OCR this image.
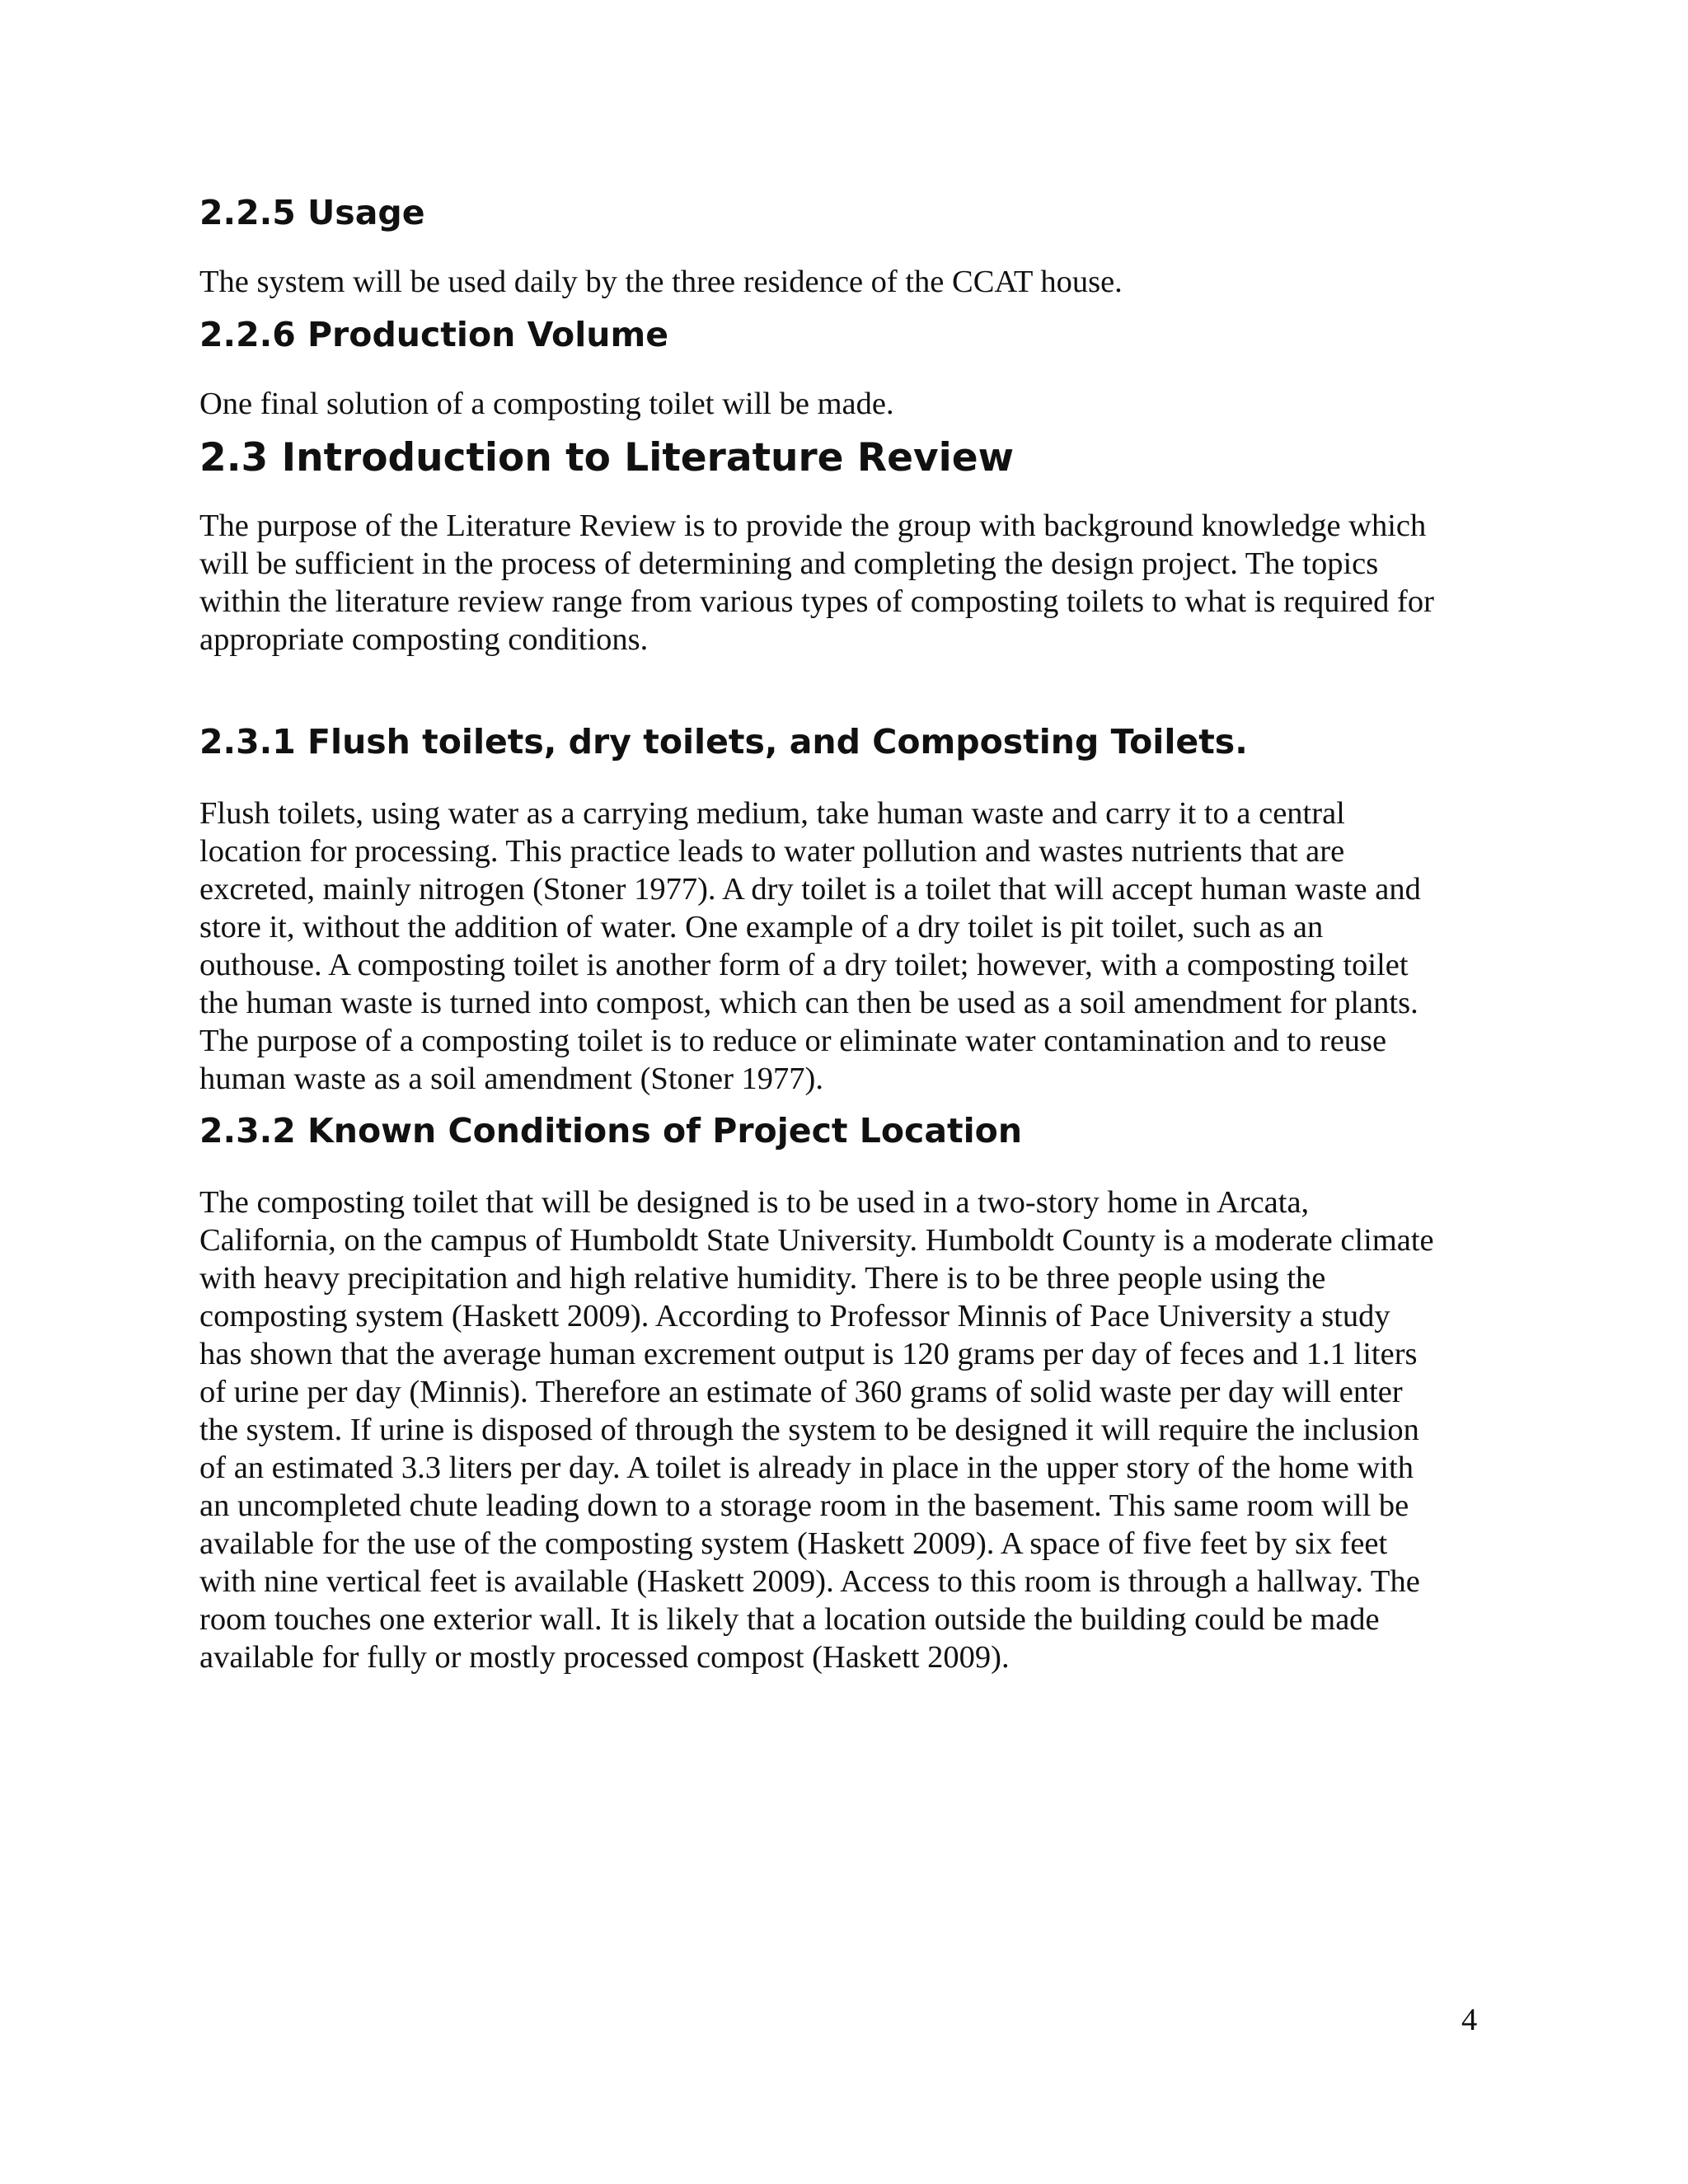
2.2.5 Usage
The system will be used daily by the three residence of the CCAT house.
2.2.6 Production Volume
One final solution of a composting toilet will be made.
2.3 Introduction to Literature Review
The purpose of the Literature Review is to provide the group with background knowledge which
will be sufficient in the process of determining and completing the design project. The topics
within the literature review range from various types of composting toilets to what is required for
appropriate composting conditions.
2.3.1 Flush toilets, dry toilets, and Composting Toilets.
Flush toilets, using water as a carrying medium, take human waste and carry it to a central
location for processing. This practice leads to water pollution and wastes nutrients that are
excreted, mainly nitrogen (Stoner 1977). A dry toilet is a toilet that will accept human waste and
store it, without the addition of water. One example of a dry toilet is pit toilet, such as an
outhouse. A composting toilet is another form of a dry toilet; however, with a composting toilet
the human waste is turned into compost, which can then be used as a soil amendment for plants.
The purpose of a composting toilet is to reduce or eliminate water contamination and to reuse
human waste as a soil amendment (Stoner 1977).
2.3.2 Known Conditions of Project Location
The composting toilet that will be designed is to be used in a two-story home in Arcata,
California, on the campus of Humboldt State University. Humboldt County is a moderate climate
with heavy precipitation and high relative humidity. There is to be three people using the
composting system (Haskett 2009). According to Professor Minnis of Pace University a study
has shown that the average human excrement output is 120 grams per day of feces and 1.1 liters
of urine per day (Minnis). Therefore an estimate of 360 grams of solid waste per day will enter
the system. If urine is disposed of through the system to be designed it will require the inclusion
of an estimated 3.3 liters per day. A toilet is already in place in the upper story of the home with
an uncompleted chute leading down to a storage room in the basement. This same room will be
available for the use of the composting system (Haskett 2009). A space of five feet by six feet
with nine vertical feet is available (Haskett 2009). Access to this room is through a hallway. The
room touches one exterior wall. It is likely that a location outside the building could be made
available for fully or mostly processed compost (Haskett 2009).
4
